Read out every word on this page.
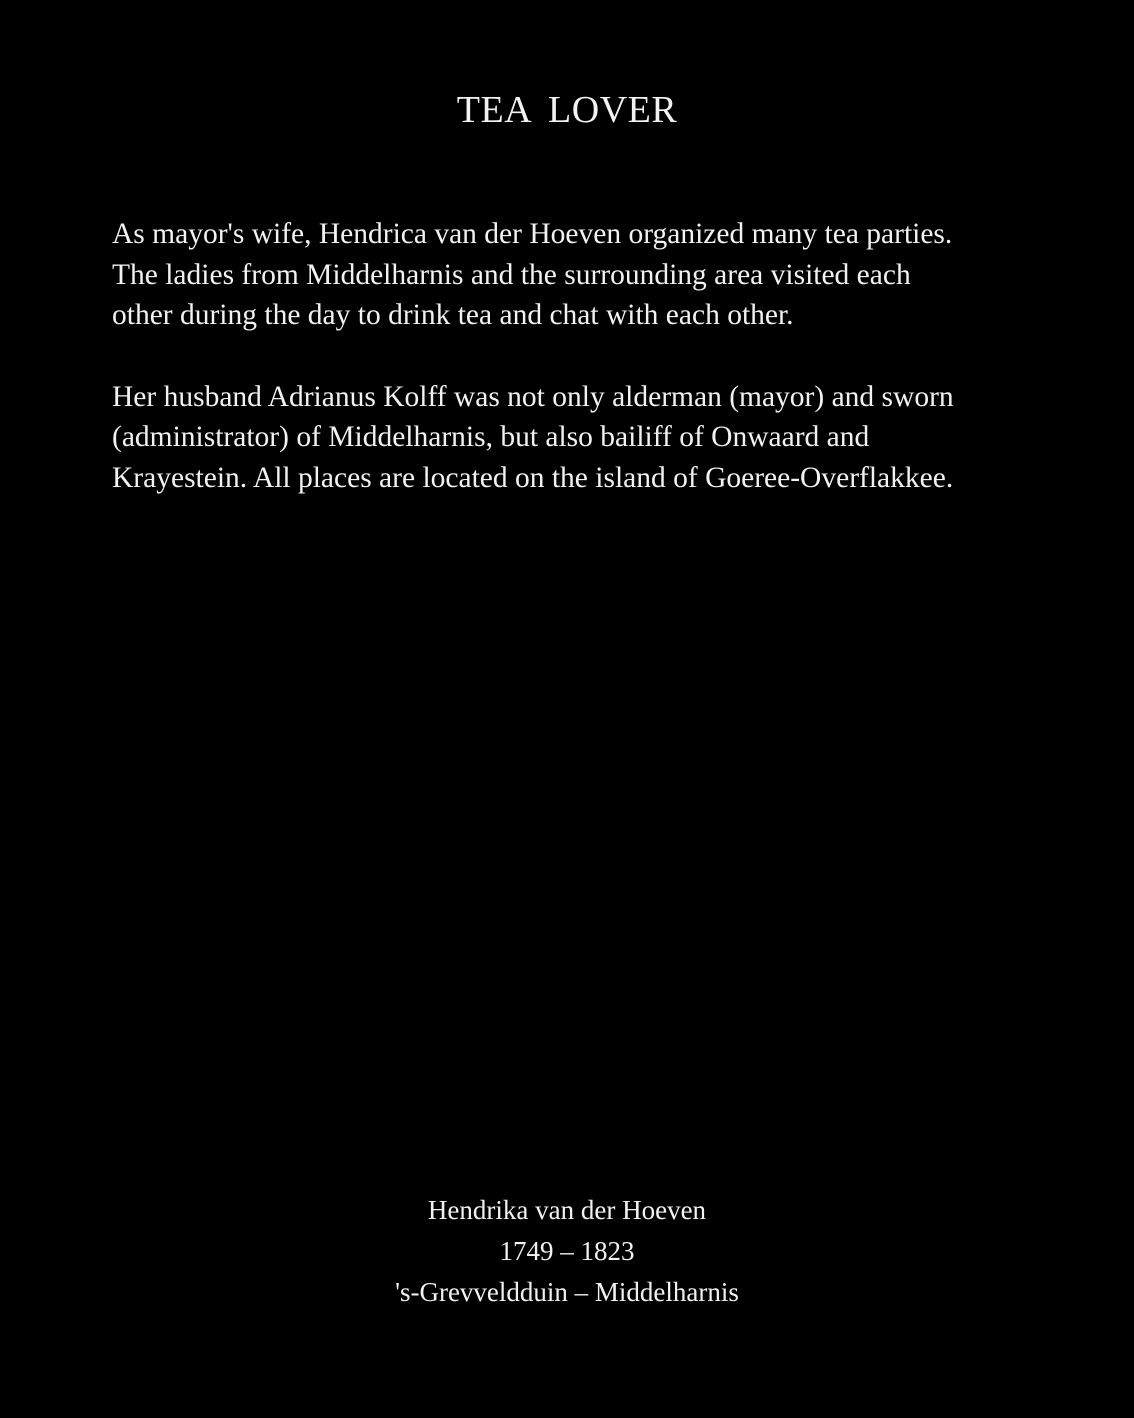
TEA LOVER

As mayor's wife, Hendrica van der Hoeven organized many tea parties.
The ladies from Middelharnis and the surrounding area visited each
other during the day to drink tea and chat with each other.

Her husband Adrianus Kolff was not only alderman (mayor) and sworn
(administrator) of Middelharnis, but also bailiff of Onwaard and
Krayestein. All places are located on the island of Goeree-Overflakkee.

Hendrika van der Hoeven
1749 – 1823
's-Grevveldduin – Middelharnis
